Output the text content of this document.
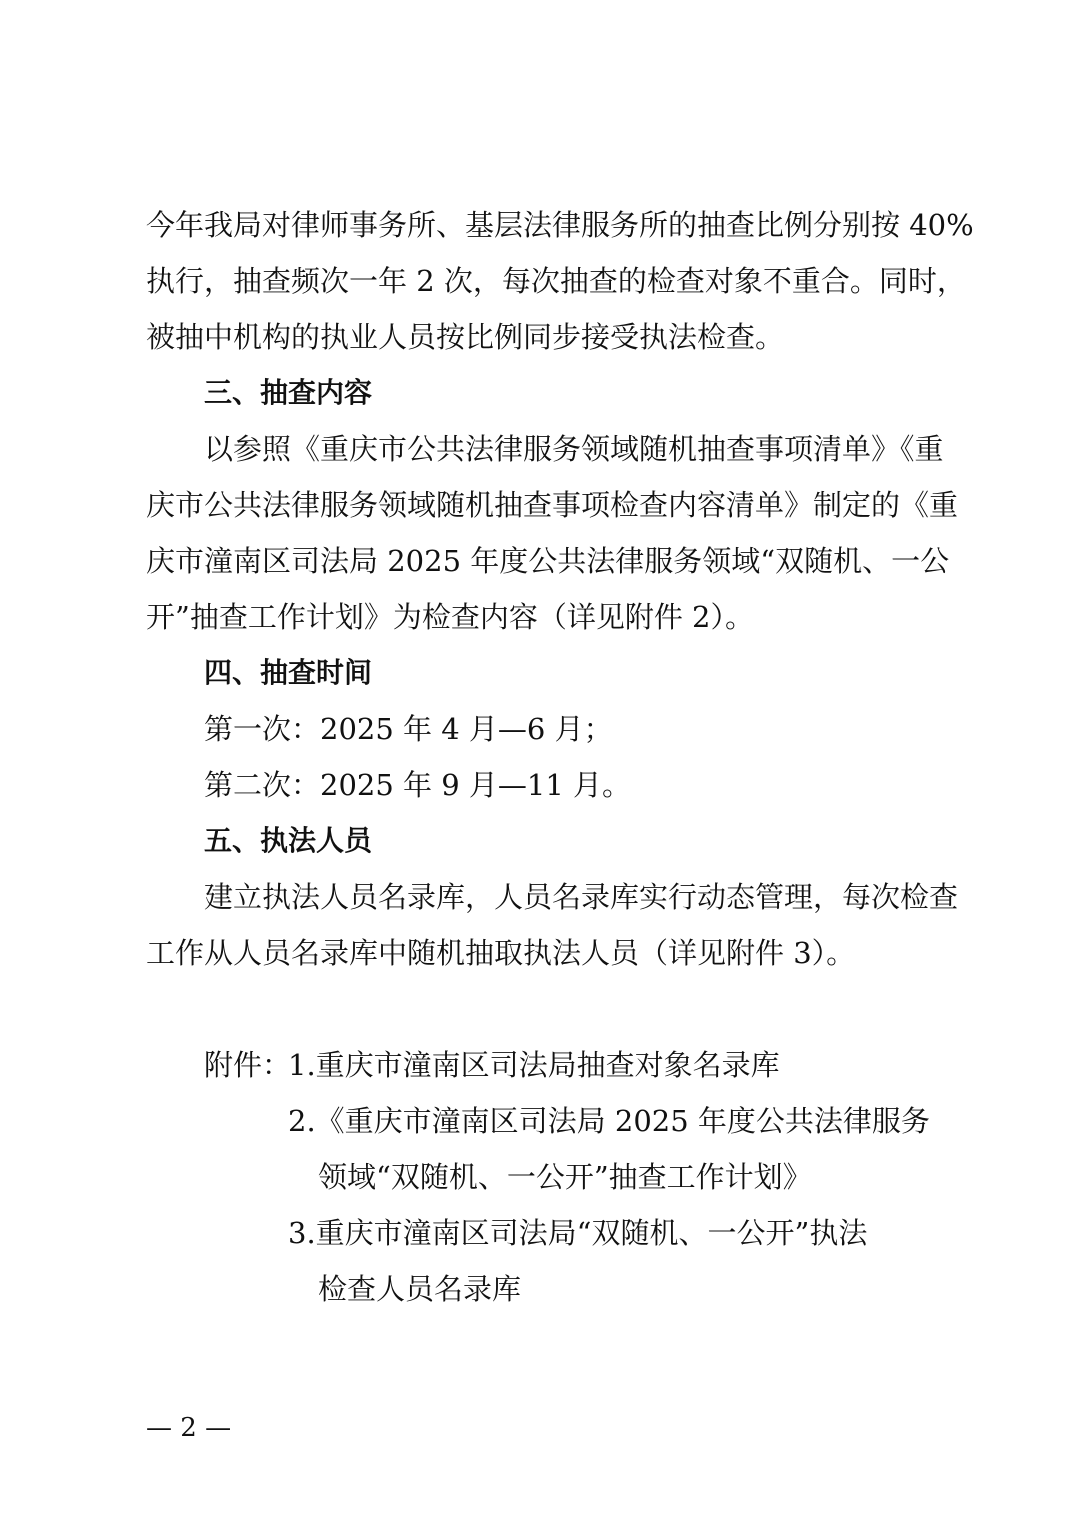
今年我局对律师事务所、基层法律服务所的抽查比例分别按 40%
执行，抽查频次一年 2 次，每次抽查的检查对象不重合。同时，
被抽中机构的执业人员按比例同步接受执法检查。
三、抽查内容
以参照《重庆市公共法律服务领域随机抽查事项清单》《重
庆市公共法律服务领域随机抽查事项检查内容清单》制定的《重
庆市潼南区司法局 2025 年度公共法律服务领域“双随机、一公
开”抽查工作计划》为检查内容（详见附件 2）。
四、抽查时间
第一次：2025 年 4 月—6 月；
第二次：2025 年 9 月—11 月。
五、执法人员
建立执法人员名录库，人员名录库实行动态管理，每次检查
工作从人员名录库中随机抽取执法人员（详见附件 3）。
附件：
1.重庆市潼南区司法局抽查对象名录库
2.《重庆市潼南区司法局 2025 年度公共法律服务
领域“双随机、一公开”抽查工作计划》
3.重庆市潼南区司法局“双随机、一公开”执法
检查人员名录库
— 2 —
